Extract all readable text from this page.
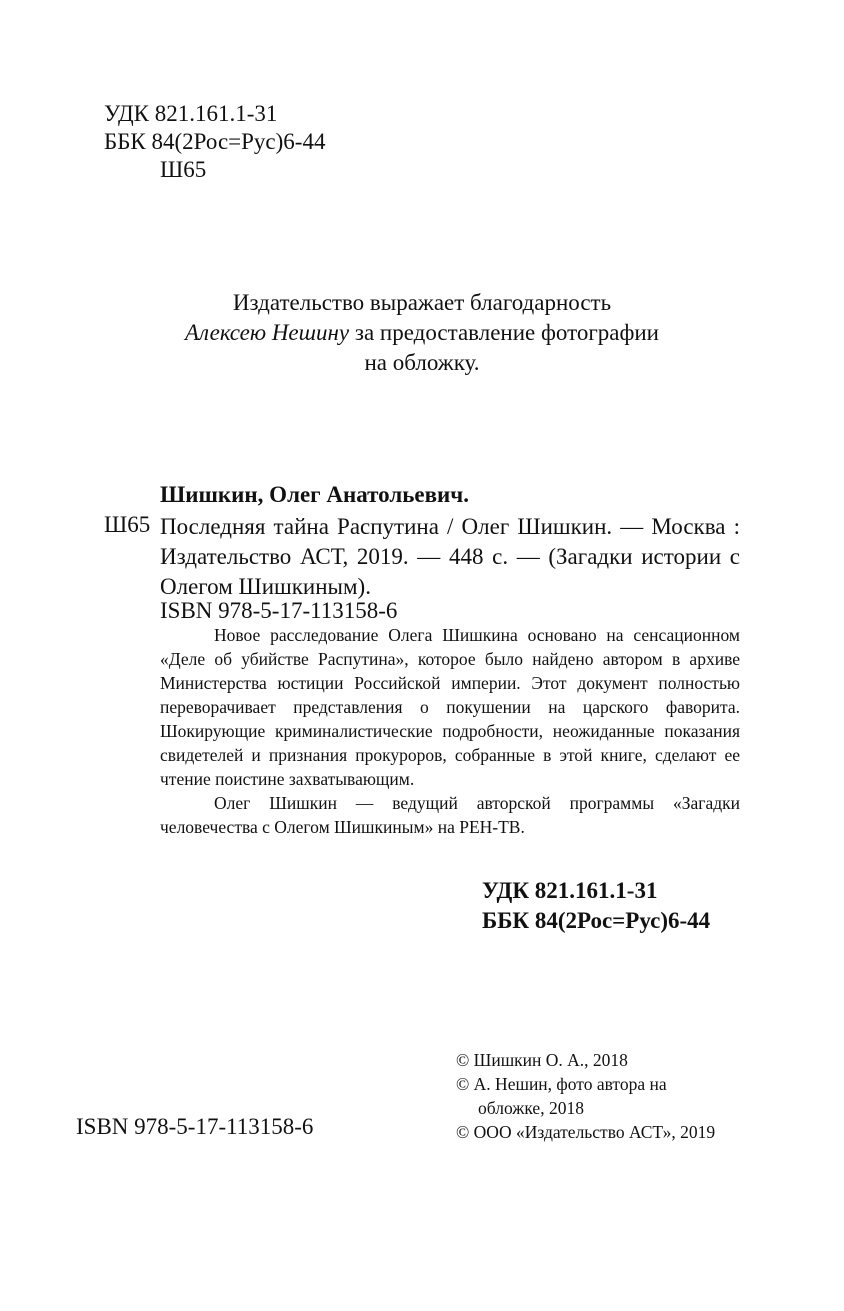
УДК 821.161.1-31
ББК 84(2Рос=Рус)6-44
Ш65
Издательство выражает благодарность
Алексею Нешину за предоставление фотографии
на обложку.
Шишкин, Олег Анатольевич.
Ш65 Последняя тайна Распутина / Олег Шишкин. — Москва : Издательство АСТ, 2019. — 448 с. — (Загадки истории с Олегом Шишкиным).
ISBN 978-5-17-113158-6

Новое расследование Олега Шишкина основано на сенсационном «Деле об убийстве Распутина», которое было найдено автором в архиве Министерства юстиции Российской империи. Этот документ полностью переворачивает представления о покушении на царского фаворита. Шокирующие криминалистические подробности, неожиданные показания свидетелей и признания прокуроров, собранные в этой книге, сделают ее чтение поистине захватывающим.

Олег Шишкин — ведущий авторской программы «Загадки человечества с Олегом Шишкиным» на РЕН-ТВ.

УДК 821.161.1-31
ББК 84(2Рос=Рус)6-44
© Шишкин О. А., 2018
© А. Нешин, фото автора на
обложке, 2018
© ООО «Издательство АСТ», 2019
ISBN 978-5-17-113158-6
